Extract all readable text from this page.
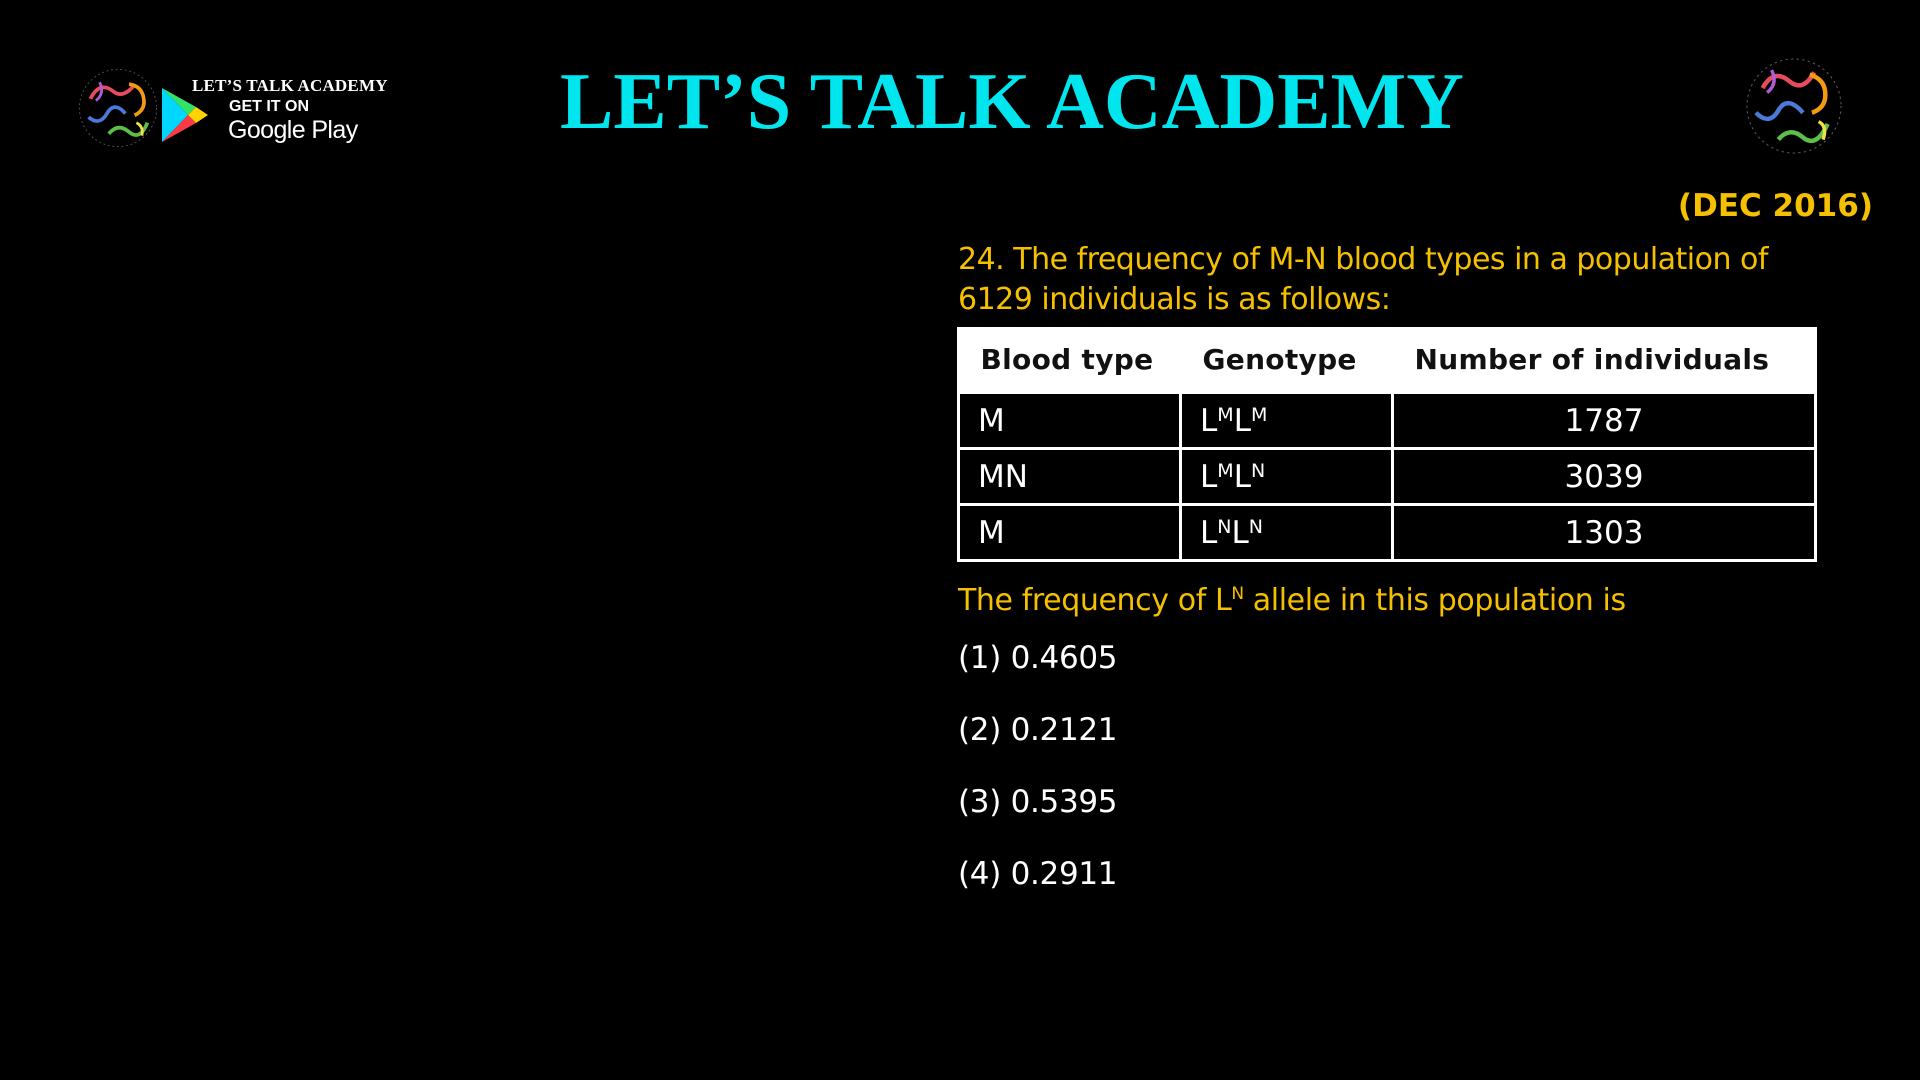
LET’S TALK ACADEMY
GET IT ON
Google Play	LET’S TALK ACADEMY
(DEC 2016)
24. The frequency of M-N blood types in a population of 6129 individuals is as follows:
Blood type	Genotype	Number of individuals
M	$L^ML^M$	1787
MN	$L^ML^N$	3039
M	$L^NL^N$	1303
The frequency of $L^N$ allele in this population is
(1) 0.4605
(2) 0.2121
(3) 0.5395
(4) 0.2911
